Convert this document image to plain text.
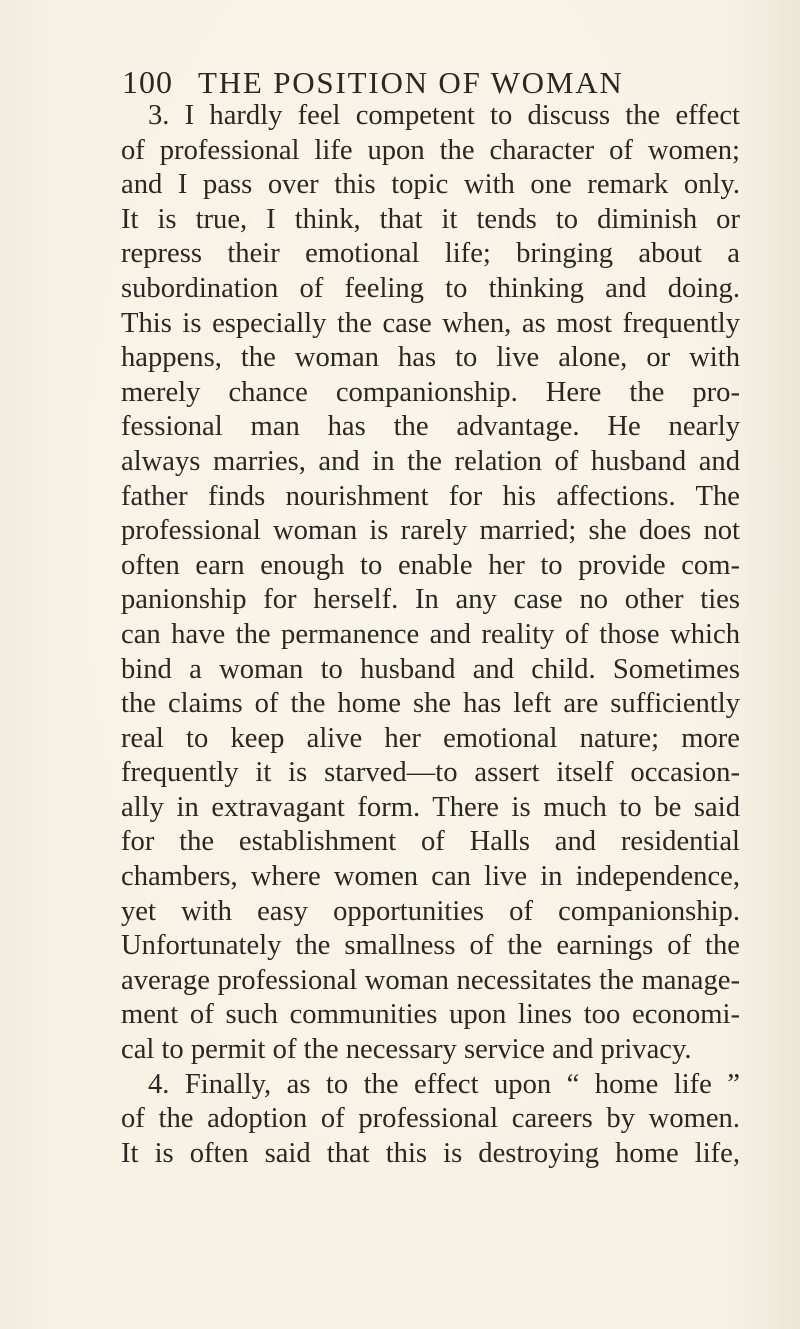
100 THE POSITION OF WOMAN
3. I hardly feel competent to discuss the effect
of professional life upon the character of women;
and I pass over this topic with one remark only.
It is true, I think, that it tends to diminish or
repress their emotional life; bringing about a
subordination of feeling to thinking and doing.
This is especially the case when, as most frequently
happens, the woman has to live alone, or with
merely chance companionship. Here the pro-
fessional man has the advantage. He nearly
always marries, and in the relation of husband and
father finds nourishment for his affections. The
professional woman is rarely married; she does not
often earn enough to enable her to provide com-
panionship for herself. In any case no other ties
can have the permanence and reality of those which
bind a woman to husband and child. Sometimes
the claims of the home she has left are sufficiently
real to keep alive her emotional nature; more
frequently it is starved—to assert itself occasion-
ally in extravagant form. There is much to be said
for the establishment of Halls and residential
chambers, where women can live in independence,
yet with easy opportunities of companionship.
Unfortunately the smallness of the earnings of the
average professional woman necessitates the manage-
ment of such communities upon lines too economi-
cal to permit of the necessary service and privacy.
4. Finally, as to the effect upon “ home life ”
of the adoption of professional careers by women.
It is often said that this is destroying home life,
